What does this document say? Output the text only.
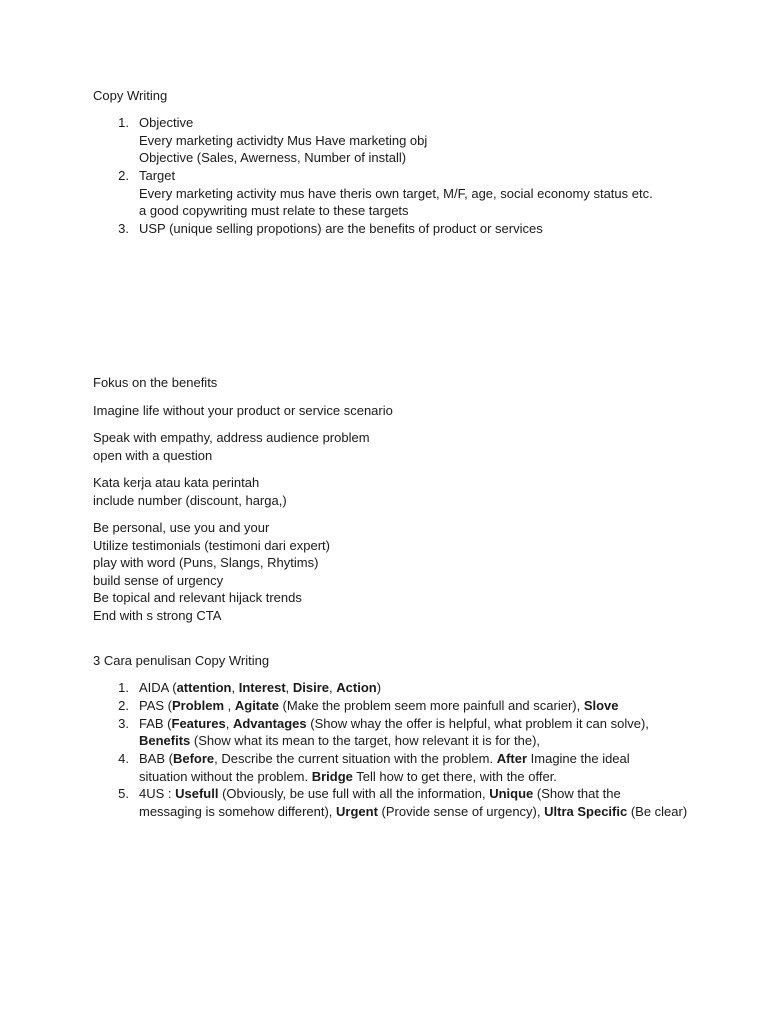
Copy Writing
1. Objective
Every marketing actividty Mus Have marketing obj
Objective (Sales, Awerness, Number of install)
2. Target
Every marketing activity mus have theris own target, M/F, age, social economy status etc.
a good copywriting must relate to these targets
3. USP (unique selling propotions) are the benefits of product or services
Fokus on the benefits
Imagine life without your product or service scenario
Speak with empathy, address audience problem
open with a question
Kata kerja atau kata perintah
include number (discount, harga,)
Be personal, use you and your
Utilize testimonials (testimoni dari expert)
play with word (Puns, Slangs, Rhytims)
build sense of urgency
Be topical and relevant hijack trends
End with s strong CTA
3 Cara penulisan Copy Writing
1. AIDA (attention, Interest, Disire, Action)
2. PAS (Problem , Agitate (Make the problem seem more painfull and scarier), Slove
3. FAB (Features, Advantages (Show whay the offer is helpful, what problem it can solve),
Benefits (Show what its mean to the target, how relevant it is for the),
4. BAB (Before, Describe the current situation with the problem. After Imagine the ideal
situation without the problem. Bridge Tell how to get there, with the offer.
5. 4US : Usefull (Obviously, be use full with all the information, Unique (Show that the
messaging is somehow different), Urgent (Provide sense of urgency), Ultra Specific (Be clear)
